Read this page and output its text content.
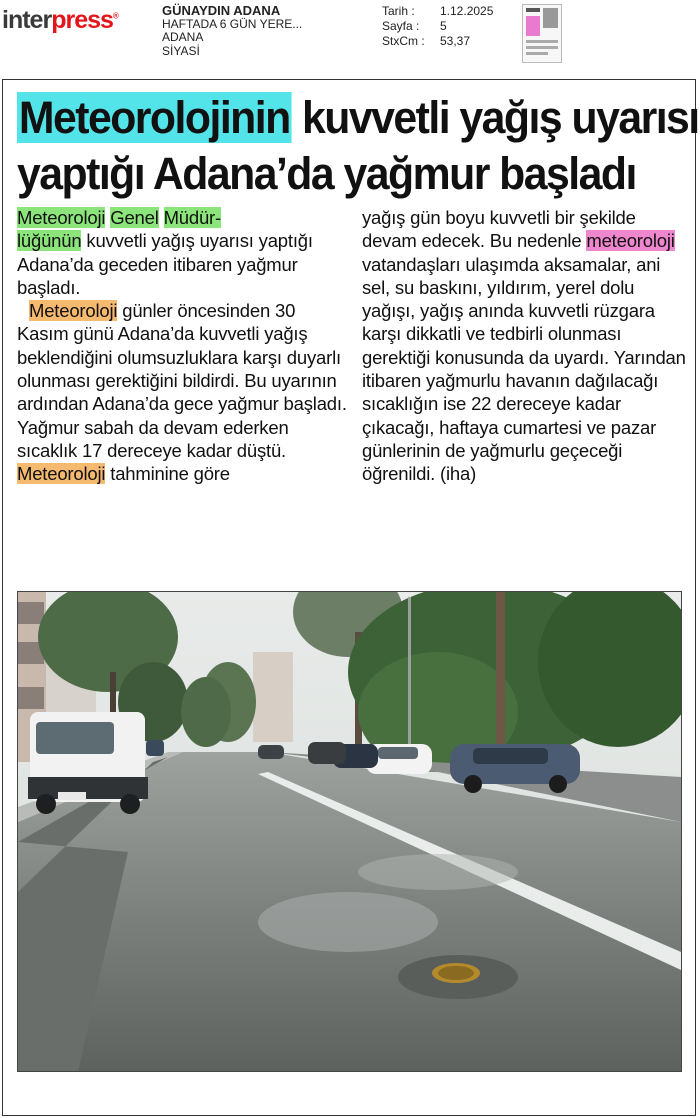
interpress®	GÜNAYDIN ADANA
HAFTADA 6 GÜN YERE...
ADANA
SİYASİ
Tarih :	1.12.2025
Sayfa :	5
StxCm :	53,37
Meteorolojinin kuvvetli yağış uyarısı
yaptığı Adana’da yağmur başladı

Meteoroloji Genel Müdür-
lüğünün kuvvetli yağış uyarısı yaptığı Adana’da geceden itibaren yağmur başladı.

Meteoroloji günler öncesinden 30 Kasım günü Adana’da kuvvetli yağış beklendiğini olumsuzluklara karşı duyarlı olunması gerektiğini bildirdi. Bu uyarının ardından Adana’da gece yağmur başladı. Yağmur sabah da devam ederken sıcaklık 17 dereceye kadar düştü.

Meteoroloji tahminine göre

yağış gün boyu kuvvetli bir şekilde devam edecek. Bu nedenle meteoroloji vatandaşları ulaşımda aksamalar, ani sel, su baskını, yıldırım, yerel dolu yağışı, yağış anında kuvvetli rüzgara karşı dikkatli ve tedbirli olunması gerektiği konusunda da uyardı. Yarından itibaren yağmurlu havanın dağılacağı sıcaklığın ise 22 dereceye kadar çıkacağı, haftaya cumartesi ve pazar günlerinin de yağmurlu geçeceği öğrenildi. (iha)
